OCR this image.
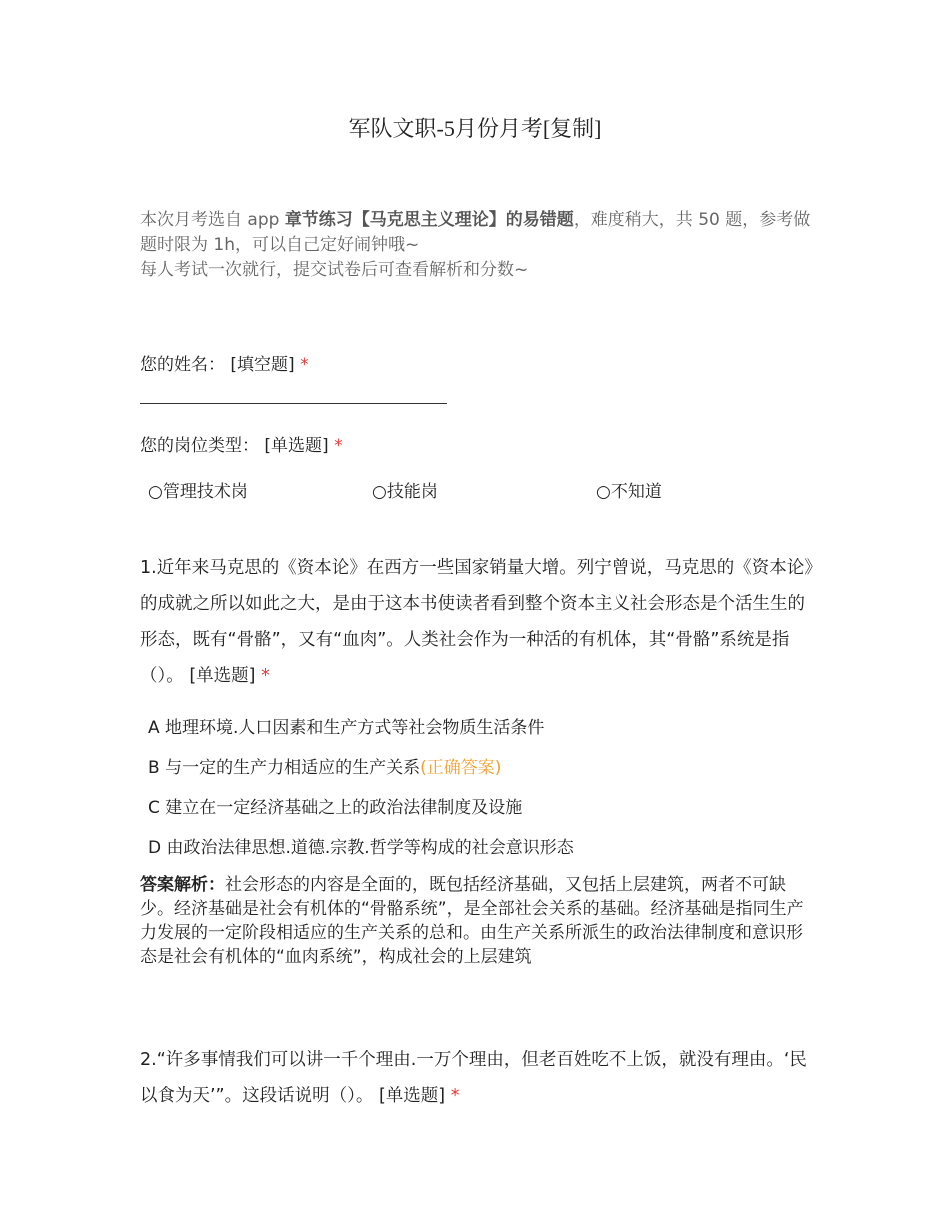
军队文职-5月份月考[复制]
本次月考选自 app 章节练习【马克思主义理论】的易错题，难度稍大，共 50 题，参考做题时限为 1h，可以自己定好闹钟哦~
每人考试一次就行，提交试卷后可查看解析和分数~
您的姓名： [填空题] *
您的岗位类型： [单选题] *
○管理技术岗	○技能岗	○不知道
1.近年来马克思的《资本论》在西方一些国家销量大增。列宁曾说，马克思的《资本论》的成就之所以如此之大，是由于这本书使读者看到整个资本主义社会形态是个活生生的形态，既有“骨骼”，又有“血肉”。人类社会作为一种活的有机体，其“骨骼”系统是指（）。 [单选题] *
A 地理环境.人口因素和生产方式等社会物质生活条件
B 与一定的生产力相适应的生产关系(正确答案)
C 建立在一定经济基础之上的政治法律制度及设施
D 由政治法律思想.道德.宗教.哲学等构成的社会意识形态
答案解析：社会形态的内容是全面的，既包括经济基础，又包括上层建筑，两者不可缺少。经济基础是社会有机体的“骨骼系统”，是全部社会关系的基础。经济基础是指同生产力发展的一定阶段相适应的生产关系的总和。由生产关系所派生的政治法律制度和意识形态是社会有机体的“血肉系统”，构成社会的上层建筑
2.“许多事情我们可以讲一千个理由.一万个理由，但老百姓吃不上饭，就没有理由。‘民以食为天’”。这段话说明（）。 [单选题] *
